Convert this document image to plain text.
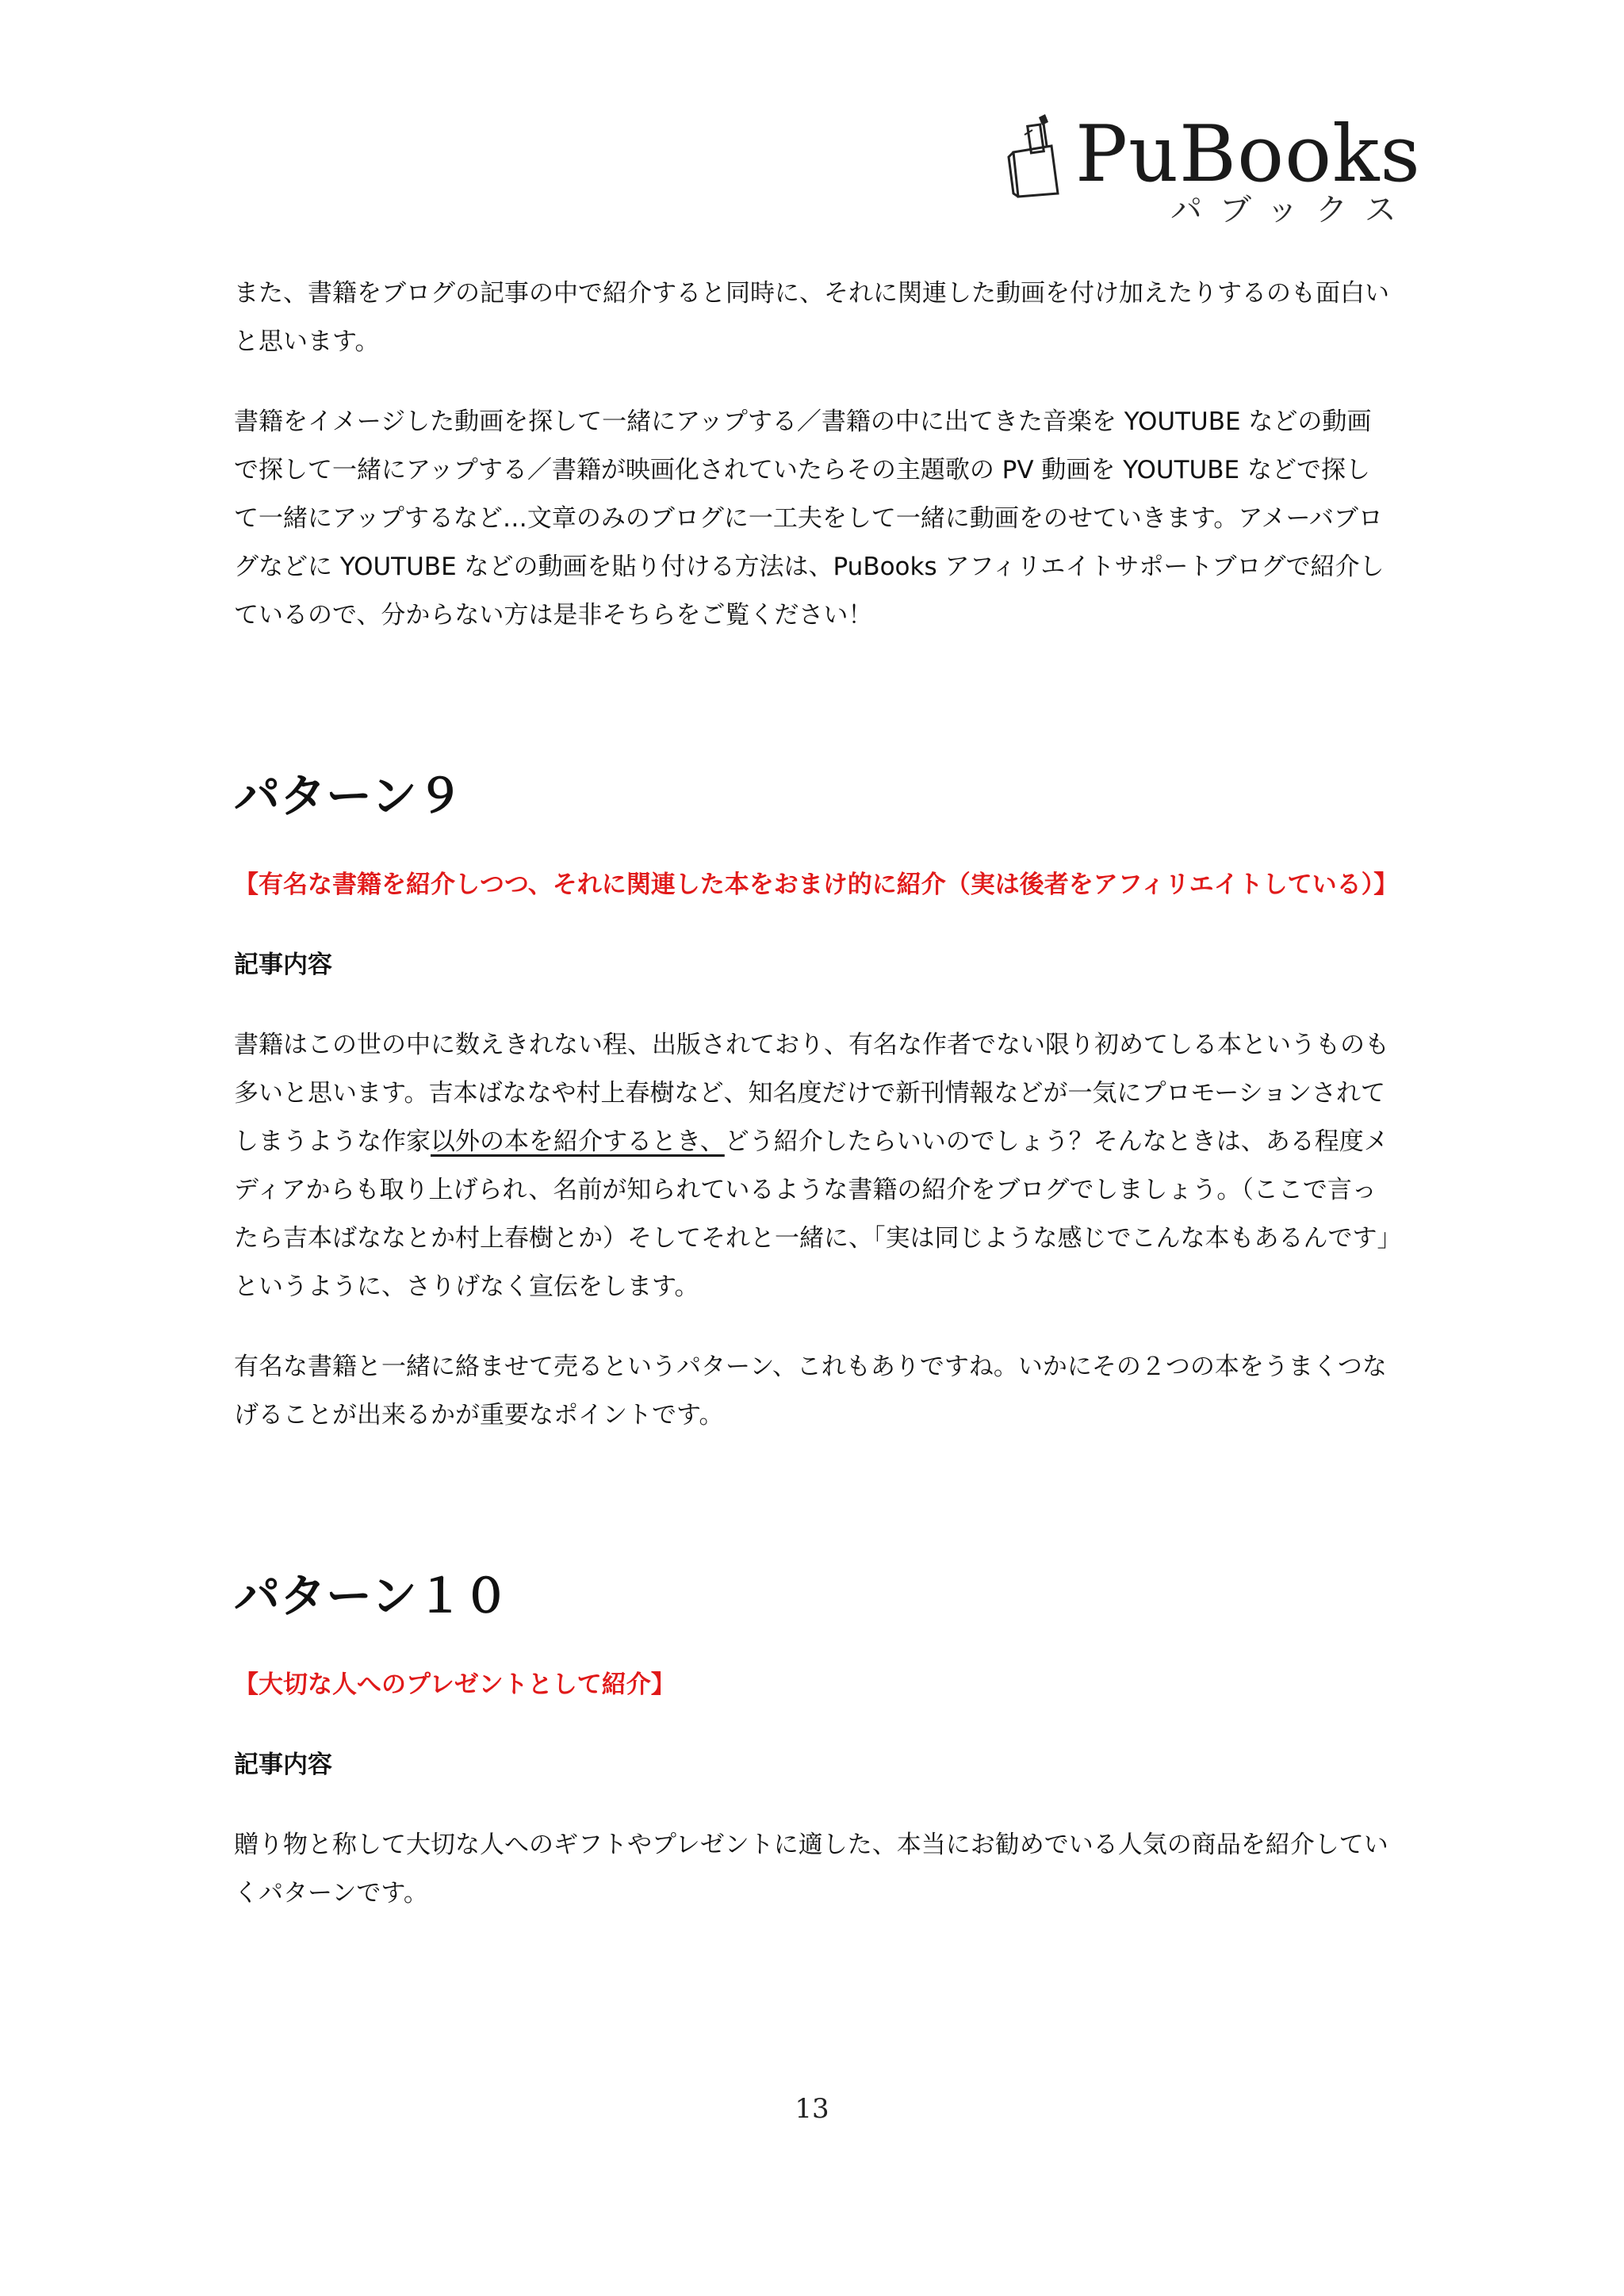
PuBooks
パブックス

また、書籍をブログの記事の中で紹介すると同時に、それに関連した動画を付け加えたりするのも面白いと思います。

書籍をイメージした動画を探して一緒にアップする／書籍の中に出てきた音楽を YOUTUBE などの動画で探して一緒にアップする／書籍が映画化されていたらその主題歌の PV 動画を YOUTUBE などで探して一緒にアップするなど…文章のみのブログに一工夫をして一緒に動画をのせていきます。アメーバブログなどに YOUTUBE などの動画を貼り付ける方法は、PuBooks アフィリエイトサポートブログで紹介しているので、分からない方は是非そちらをご覧ください！

パターン９

【有名な書籍を紹介しつつ、それに関連した本をおまけ的に紹介（実は後者をアフィリエイトしている）】

記事内容

書籍はこの世の中に数えきれない程、出版されており、有名な作者でない限り初めてしる本というものも多いと思います。吉本ばななや村上春樹など、知名度だけで新刊情報などが一気にプロモーションされてしまうような作家以外の本を紹介するとき、どう紹介したらいいのでしょう？そんなときは、ある程度メディアからも取り上げられ、名前が知られているような書籍の紹介をブログでしましょう。（ここで言ったら吉本ばななとか村上春樹とか）そしてそれと一緒に、「実は同じような感じでこんな本もあるんです」というように、さりげなく宣伝をします。

有名な書籍と一緒に絡ませて売るというパターン、これもありですね。いかにその２つの本をうまくつなげることが出来るかが重要なポイントです。

パターン１０

【大切な人へのプレゼントとして紹介】

記事内容

贈り物と称して大切な人へのギフトやプレゼントに適した、本当にお勧めでいる人気の商品を紹介していくパターンです。

13
